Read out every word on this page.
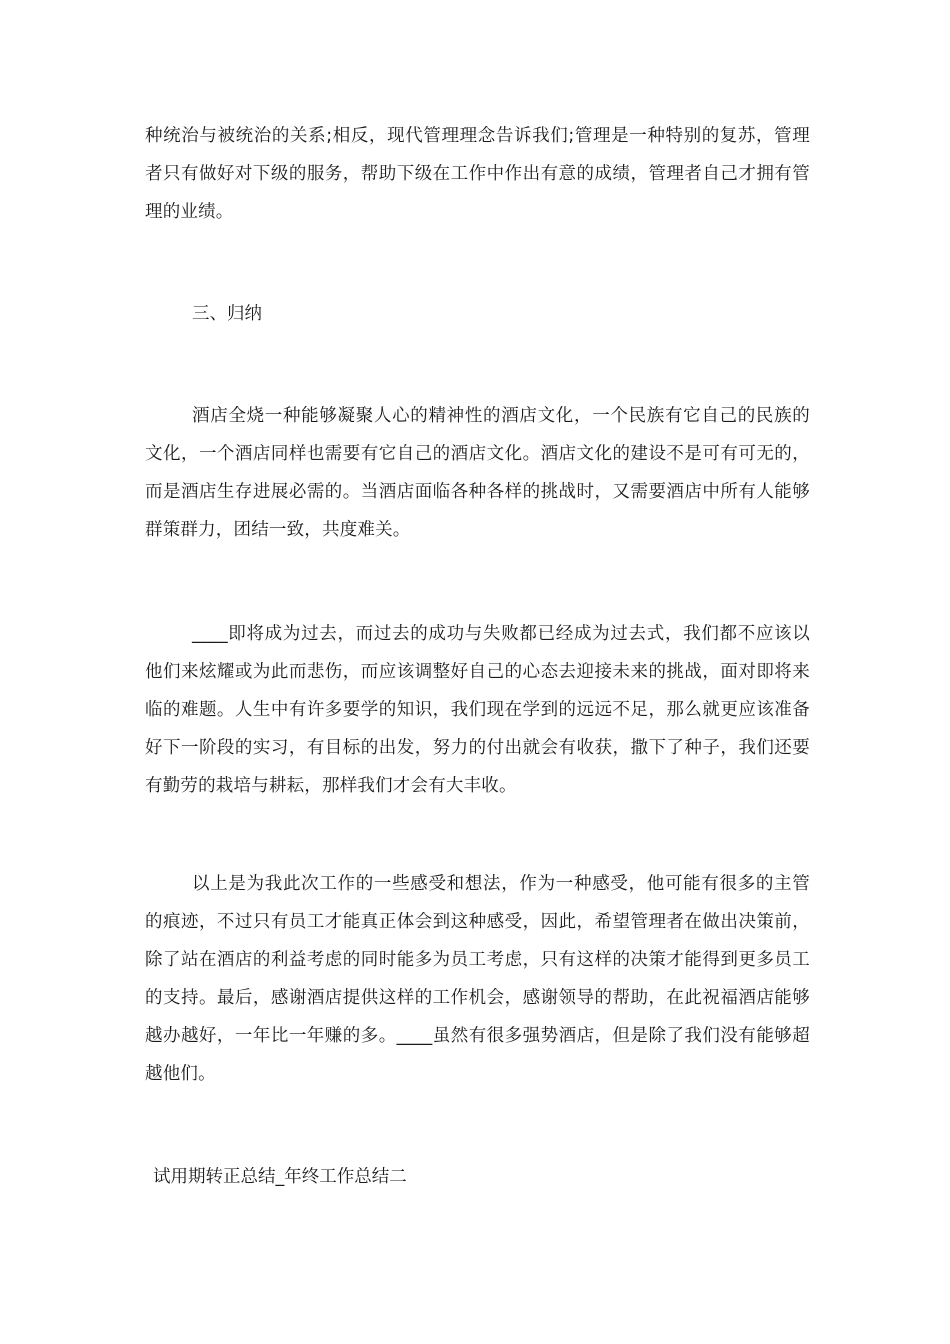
种统治与被统治的关系;相反，现代管理理念告诉我们;管理是一种特别的复苏，管理者只有做好对下级的服务，帮助下级在工作中作出有意的成绩，管理者自己才拥有管理的业绩。

三、归纳

酒店全烧一种能够凝聚人心的精神性的酒店文化，一个民族有它自己的民族的文化，一个酒店同样也需要有它自己的酒店文化。酒店文化的建设不是可有可无的，而是酒店生存进展必需的。当酒店面临各种各样的挑战时，又需要酒店中所有人能够群策群力，团结一致，共度难关。

____即将成为过去，而过去的成功与失败都已经成为过去式，我们都不应该以他们来炫耀或为此而悲伤，而应该调整好自己的心态去迎接未来的挑战，面对即将来临的难题。人生中有许多要学的知识，我们现在学到的远远不足，那么就更应该准备好下一阶段的实习，有目标的出发，努力的付出就会有收获，撒下了种子，我们还要有勤劳的栽培与耕耘，那样我们才会有大丰收。

以上是为我此次工作的一些感受和想法，作为一种感受，他可能有很多的主管的痕迹，不过只有员工才能真正体会到这种感受，因此，希望管理者在做出决策前，除了站在酒店的利益考虑的同时能多为员工考虑，只有这样的决策才能得到更多员工的支持。最后，感谢酒店提供这样的工作机会，感谢领导的帮助，在此祝福酒店能够越办越好，一年比一年赚的多。____虽然有很多强势酒店，但是除了我们没有能够超越他们。

试用期转正总结_年终工作总结二
